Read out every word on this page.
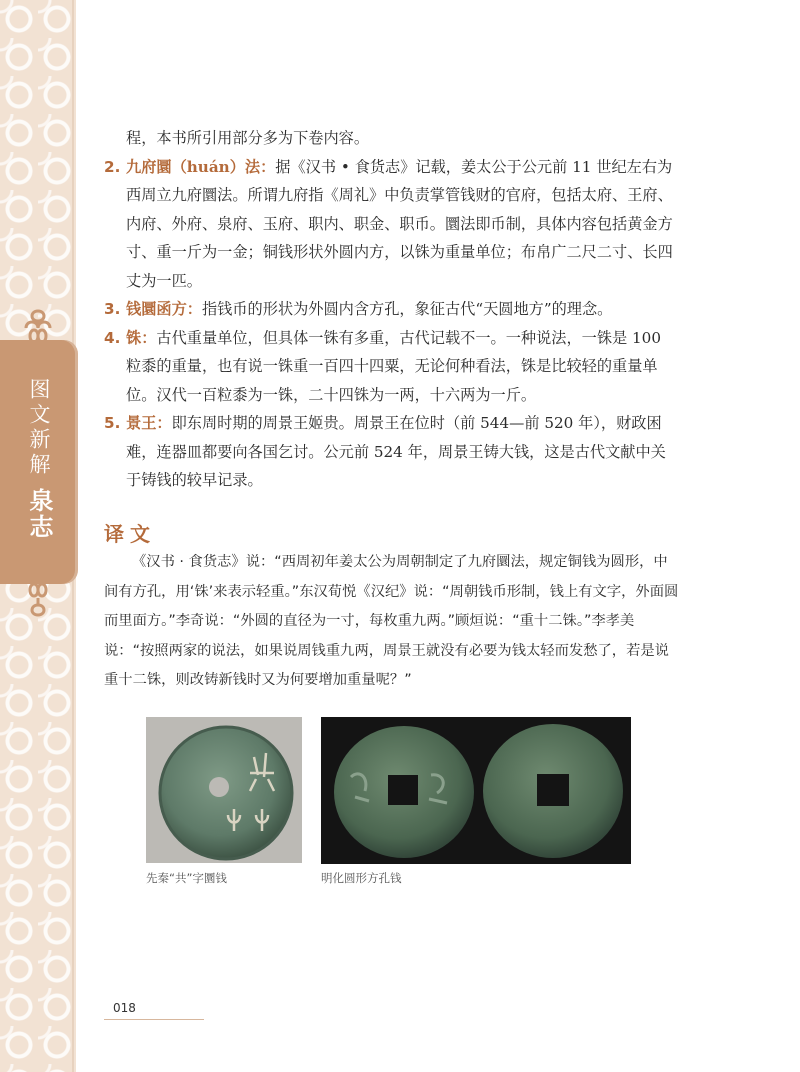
图文新解
泉志

程，本书所引用部分多为下卷内容。

2. 九府圜（huán）法：据《汉书 • 食货志》记载，姜太公于公元前 11 世纪左右为西周立九府圜法。所谓九府指《周礼》中负责掌管钱财的官府，包括太府、王府、内府、外府、泉府、玉府、职内、职金、职币。圜法即币制，具体内容包括黄金方寸、重一斤为一金；铜钱形状外圆内方，以铢为重量单位；布帛广二尺二寸、长四丈为一匹。

3. 钱圜函方：指钱币的形状为外圆内含方孔，象征古代“天圆地方”的理念。

4. 铢：古代重量单位，但具体一铢有多重，古代记载不一。一种说法，一铢是 100 粒黍的重量，也有说一铢重一百四十四粟，无论何种看法，铢是比较轻的重量单位。汉代一百粒黍为一铢，二十四铢为一两，十六两为一斤。

5. 景王：即东周时期的周景王姬贵。周景王在位时（前 544—前 520 年），财政困难，连器皿都要向各国乞讨。公元前 524 年，周景王铸大钱，这是古代文献中关于铸钱的较早记录。

译文

《汉书 · 食货志》说：“西周初年姜太公为周朝制定了九府圜法，规定铜钱为圆形，中间有方孔，用‘铢’来表示轻重。”东汉荀悦《汉纪》说：“周朝钱币形制，钱上有文字，外面圆而里面方。”李奇说：“外圆的直径为一寸，每枚重九两。”顾烜说：“重十二铢。”李孝美说：“按照两家的说法，如果说周钱重九两，周景王就没有必要为钱太轻而发愁了，若是说重十二铢，则改铸新钱时又为何要增加重量呢？”

先秦“共”字圜钱	明化圆形方孔钱
018
